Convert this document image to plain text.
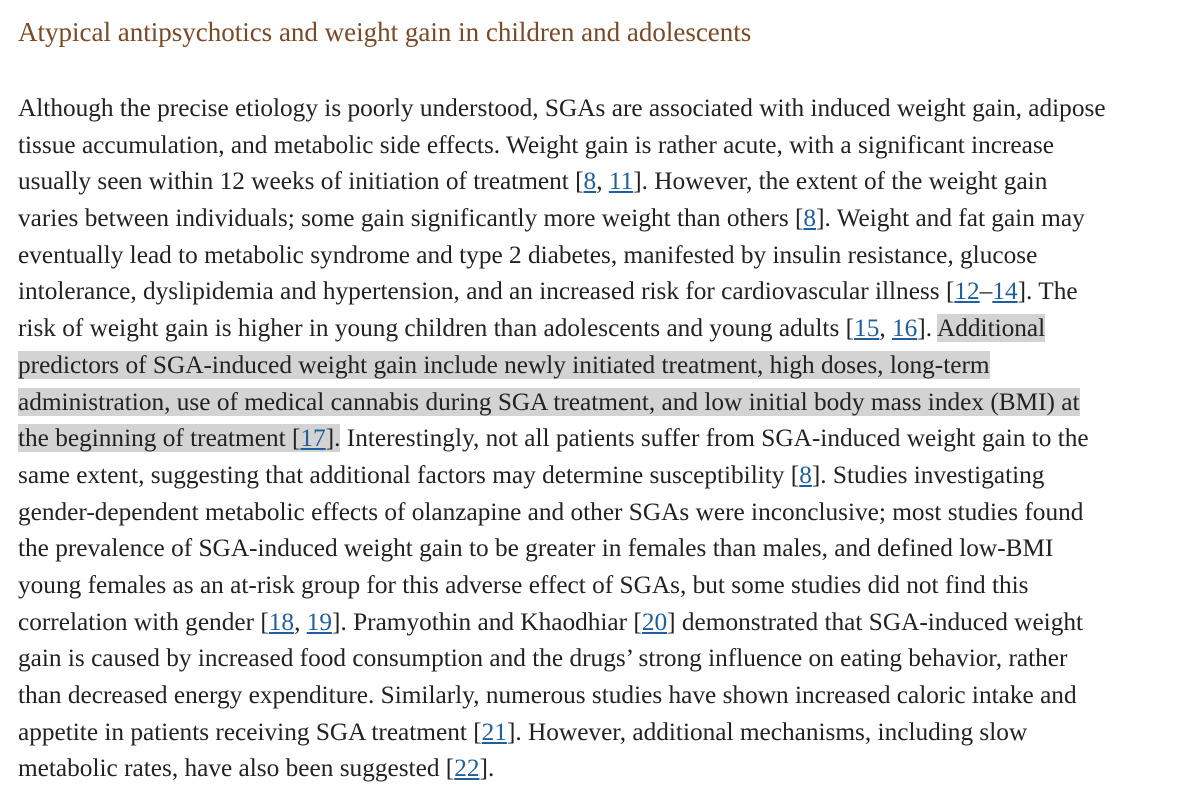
Atypical antipsychotics and weight gain in children and adolescents
Although the precise etiology is poorly understood, SGAs are associated with induced weight gain, adipose
tissue accumulation, and metabolic side effects. Weight gain is rather acute, with a significant increase
usually seen within 12 weeks of initiation of treatment [8, 11]. However, the extent of the weight gain
varies between individuals; some gain significantly more weight than others [8]. Weight and fat gain may
eventually lead to metabolic syndrome and type 2 diabetes, manifested by insulin resistance, glucose
intolerance, dyslipidemia and hypertension, and an increased risk for cardiovascular illness [12–14]. The
risk of weight gain is higher in young children than adolescents and young adults [15, 16]. Additional
predictors of SGA-induced weight gain include newly initiated treatment, high doses, long-term
administration, use of medical cannabis during SGA treatment, and low initial body mass index (BMI) at
the beginning of treatment [17]. Interestingly, not all patients suffer from SGA-induced weight gain to the
same extent, suggesting that additional factors may determine susceptibility [8]. Studies investigating
gender-dependent metabolic effects of olanzapine and other SGAs were inconclusive; most studies found
the prevalence of SGA-induced weight gain to be greater in females than males, and defined low-BMI
young females as an at-risk group for this adverse effect of SGAs, but some studies did not find this
correlation with gender [18, 19]. Pramyothin and Khaodhiar [20] demonstrated that SGA-induced weight
gain is caused by increased food consumption and the drugs’ strong influence on eating behavior, rather
than decreased energy expenditure. Similarly, numerous studies have shown increased caloric intake and
appetite in patients receiving SGA treatment [21]. However, additional mechanisms, including slow
metabolic rates, have also been suggested [22].
